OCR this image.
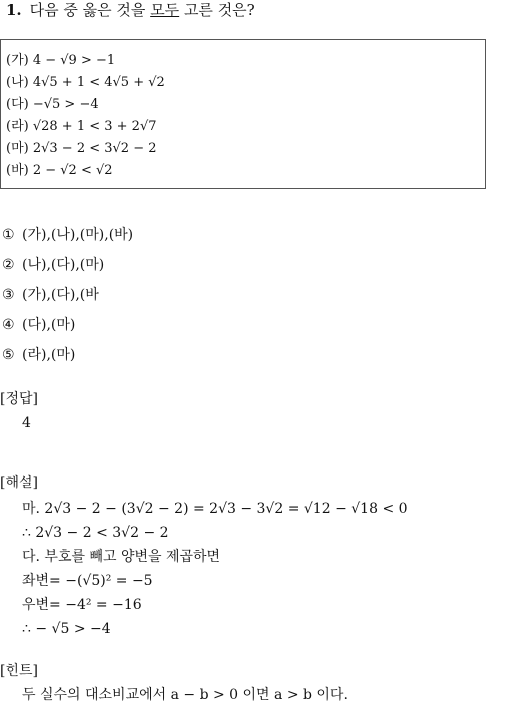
1. 다음 중 옳은 것을 모두 고른 것은?
(가) 4 − √9 > −1
(나) 4√5 + 1 < 4√5 + √2
(다) −√5 > −4
(라) √28 + 1 < 3 + 2√7
(마) 2√3 − 2 < 3√2 − 2
(바) 2 − √2 < √2
① (가),(나),(마),(바)
② (나),(다),(마)
③ (가),(다),(바
④ (다),(마)
⑤ (라),(마)
[정답]
4
[해설]
마. 2√3 − 2 − (3√2 − 2) = 2√3 − 3√2 = √12 − √18 < 0
∴ 2√3 − 2 < 3√2 − 2
다. 부호를 빼고 양변을 제곱하면
좌변= −(√5)² = −5
우변= −4² = −16
∴ − √5 > −4
[힌트]
두 실수의 대소비교에서 a − b > 0 이면 a > b 이다.
